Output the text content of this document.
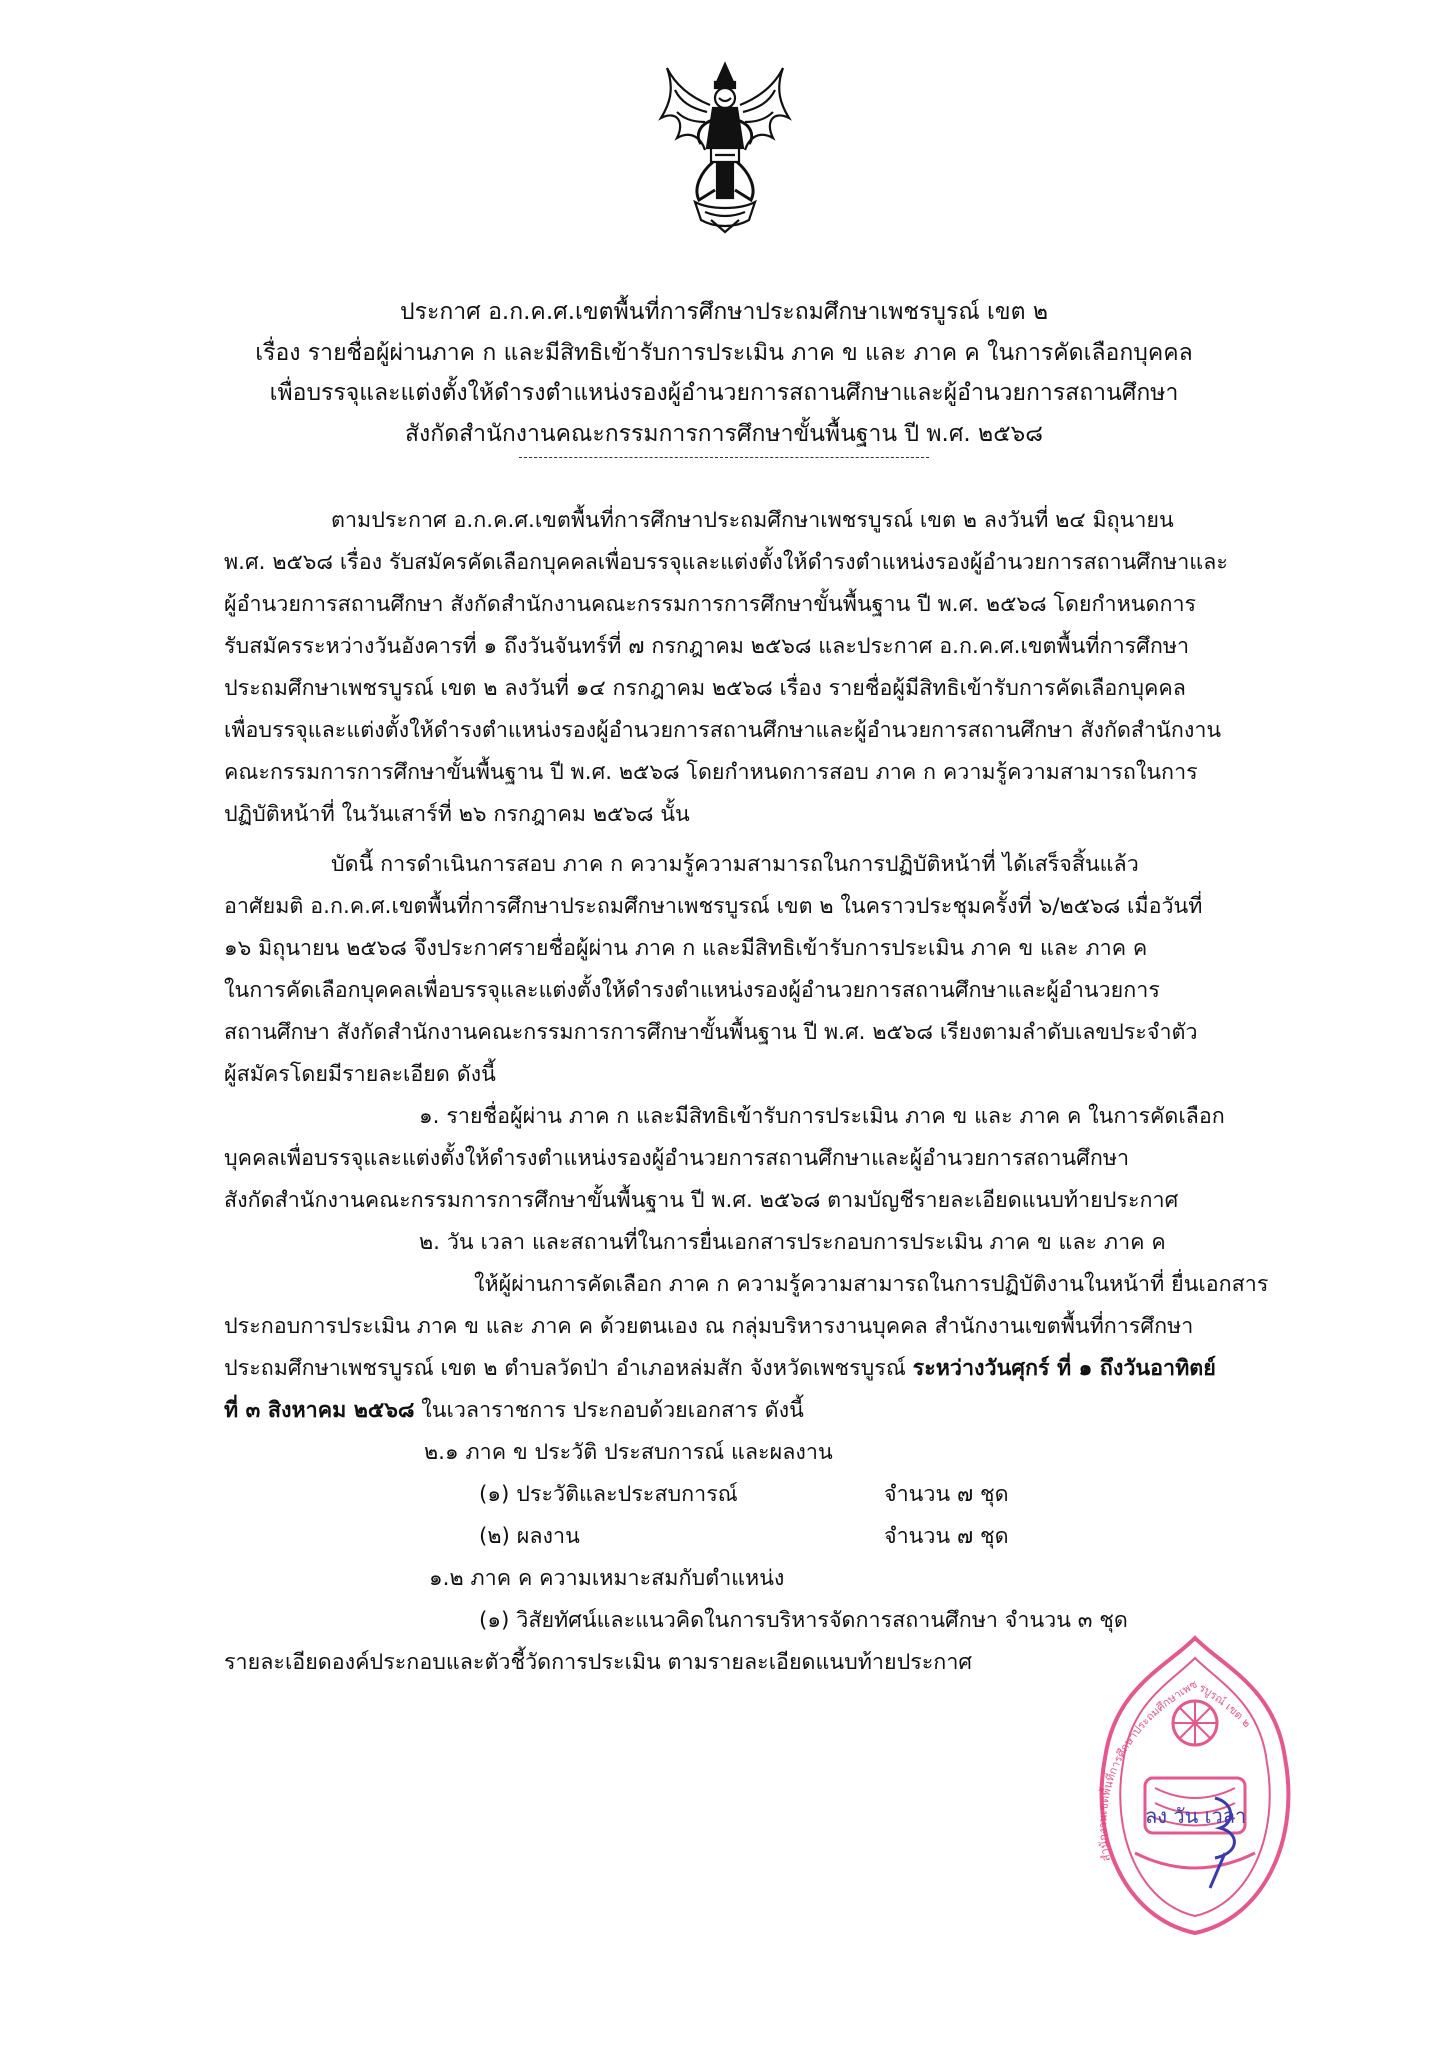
ประกาศ อ.ก.ค.ศ.เขตพื้นที่การศึกษาประถมศึกษาเพชรบูรณ์ เขต ๒
เรื่อง รายชื่อผู้ผ่านภาค ก และมีสิทธิเข้ารับการประเมิน ภาค ข และ ภาค ค ในการคัดเลือกบุคคล
เพื่อบรรจุและแต่งตั้งให้ดำรงตำแหน่งรองผู้อำนวยการสถานศึกษาและผู้อำนวยการสถานศึกษา
สังกัดสำนักงานคณะกรรมการการศึกษาขั้นพื้นฐาน ปี พ.ศ. ๒๕๖๘
ตามประกาศ อ.ก.ค.ศ.เขตพื้นที่การศึกษาประถมศึกษาเพชรบูรณ์ เขต ๒ ลงวันที่ ๒๔ มิถุนายน
พ.ศ. ๒๕๖๘ เรื่อง รับสมัครคัดเลือกบุคคลเพื่อบรรจุและแต่งตั้งให้ดำรงตำแหน่งรองผู้อำนวยการสถานศึกษาและ
ผู้อำนวยการสถานศึกษา สังกัดสำนักงานคณะกรรมการการศึกษาขั้นพื้นฐาน ปี พ.ศ. ๒๕๖๘ โดยกำหนดการ
รับสมัครระหว่างวันอังคารที่ ๑ ถึงวันจันทร์ที่ ๗ กรกฎาคม ๒๕๖๘ และประกาศ อ.ก.ค.ศ.เขตพื้นที่การศึกษา
ประถมศึกษาเพชรบูรณ์ เขต ๒ ลงวันที่ ๑๔ กรกฎาคม ๒๕๖๘ เรื่อง รายชื่อผู้มีสิทธิเข้ารับการคัดเลือกบุคคล
เพื่อบรรจุและแต่งตั้งให้ดำรงตำแหน่งรองผู้อำนวยการสถานศึกษาและผู้อำนวยการสถานศึกษา สังกัดสำนักงาน
คณะกรรมการการศึกษาขั้นพื้นฐาน ปี พ.ศ. ๒๕๖๘ โดยกำหนดการสอบ ภาค ก ความรู้ความสามารถในการ
ปฏิบัติหน้าที่ ในวันเสาร์ที่ ๒๖ กรกฎาคม ๒๕๖๘ นั้น
บัดนี้ การดำเนินการสอบ ภาค ก ความรู้ความสามารถในการปฏิบัติหน้าที่ ได้เสร็จสิ้นแล้ว
อาศัยมติ อ.ก.ค.ศ.เขตพื้นที่การศึกษาประถมศึกษาเพชรบูรณ์ เขต ๒ ในคราวประชุมครั้งที่ ๖/๒๕๖๘ เมื่อวันที่
๑๖ มิถุนายน ๒๕๖๘ จึงประกาศรายชื่อผู้ผ่าน ภาค ก และมีสิทธิเข้ารับการประเมิน ภาค ข และ ภาค ค
ในการคัดเลือกบุคคลเพื่อบรรจุและแต่งตั้งให้ดำรงตำแหน่งรองผู้อำนวยการสถานศึกษาและผู้อำนวยการ
สถานศึกษา สังกัดสำนักงานคณะกรรมการการศึกษาขั้นพื้นฐาน ปี พ.ศ. ๒๕๖๘ เรียงตามลำดับเลขประจำตัว
ผู้สมัครโดยมีรายละเอียด ดังนี้
๑. รายชื่อผู้ผ่าน ภาค ก และมีสิทธิเข้ารับการประเมิน ภาค ข และ ภาค ค ในการคัดเลือก
บุคคลเพื่อบรรจุและแต่งตั้งให้ดำรงตำแหน่งรองผู้อำนวยการสถานศึกษาและผู้อำนวยการสถานศึกษา
สังกัดสำนักงานคณะกรรมการการศึกษาขั้นพื้นฐาน ปี พ.ศ. ๒๕๖๘ ตามบัญชีรายละเอียดแนบท้ายประกาศ
๒. วัน เวลา และสถานที่ในการยื่นเอกสารประกอบการประเมิน ภาค ข และ ภาค ค
ให้ผู้ผ่านการคัดเลือก ภาค ก ความรู้ความสามารถในการปฏิบัติงานในหน้าที่ ยื่นเอกสาร
ประกอบการประเมิน ภาค ข และ ภาค ค ด้วยตนเอง ณ กลุ่มบริหารงานบุคคล สำนักงานเขตพื้นที่การศึกษา
ประถมศึกษาเพชรบูรณ์ เขต ๒ ตำบลวัดป่า อำเภอหล่มสัก จังหวัดเพชรบูรณ์ ระหว่างวันศุกร์ ที่ ๑ ถึงวันอาทิตย์
ที่ ๓ สิงหาคม ๒๕๖๘ ในเวลาราชการ ประกอบด้วยเอกสาร ดังนี้
๒.๑ ภาค ข ประวัติ ประสบการณ์ และผลงาน
(๑) ประวัติและประสบการณ์	จำนวน ๗ ชุด
(๒) ผลงาน	จำนวน ๗ ชุด
๑.๒ ภาค ค ความเหมาะสมกับตำแหน่ง
(๑) วิสัยทัศน์และแนวคิดในการบริหารจัดการสถานศึกษา จำนวน ๓ ชุด
รายละเอียดองค์ประกอบและตัวชี้วัดการประเมิน ตามรายละเอียดแนบท้ายประกาศ
สำนักงานเขตพื้นที่การศึกษาประถมศึกษาเพชรบูรณ์ เขต ๒
ลง วัน เวลา
